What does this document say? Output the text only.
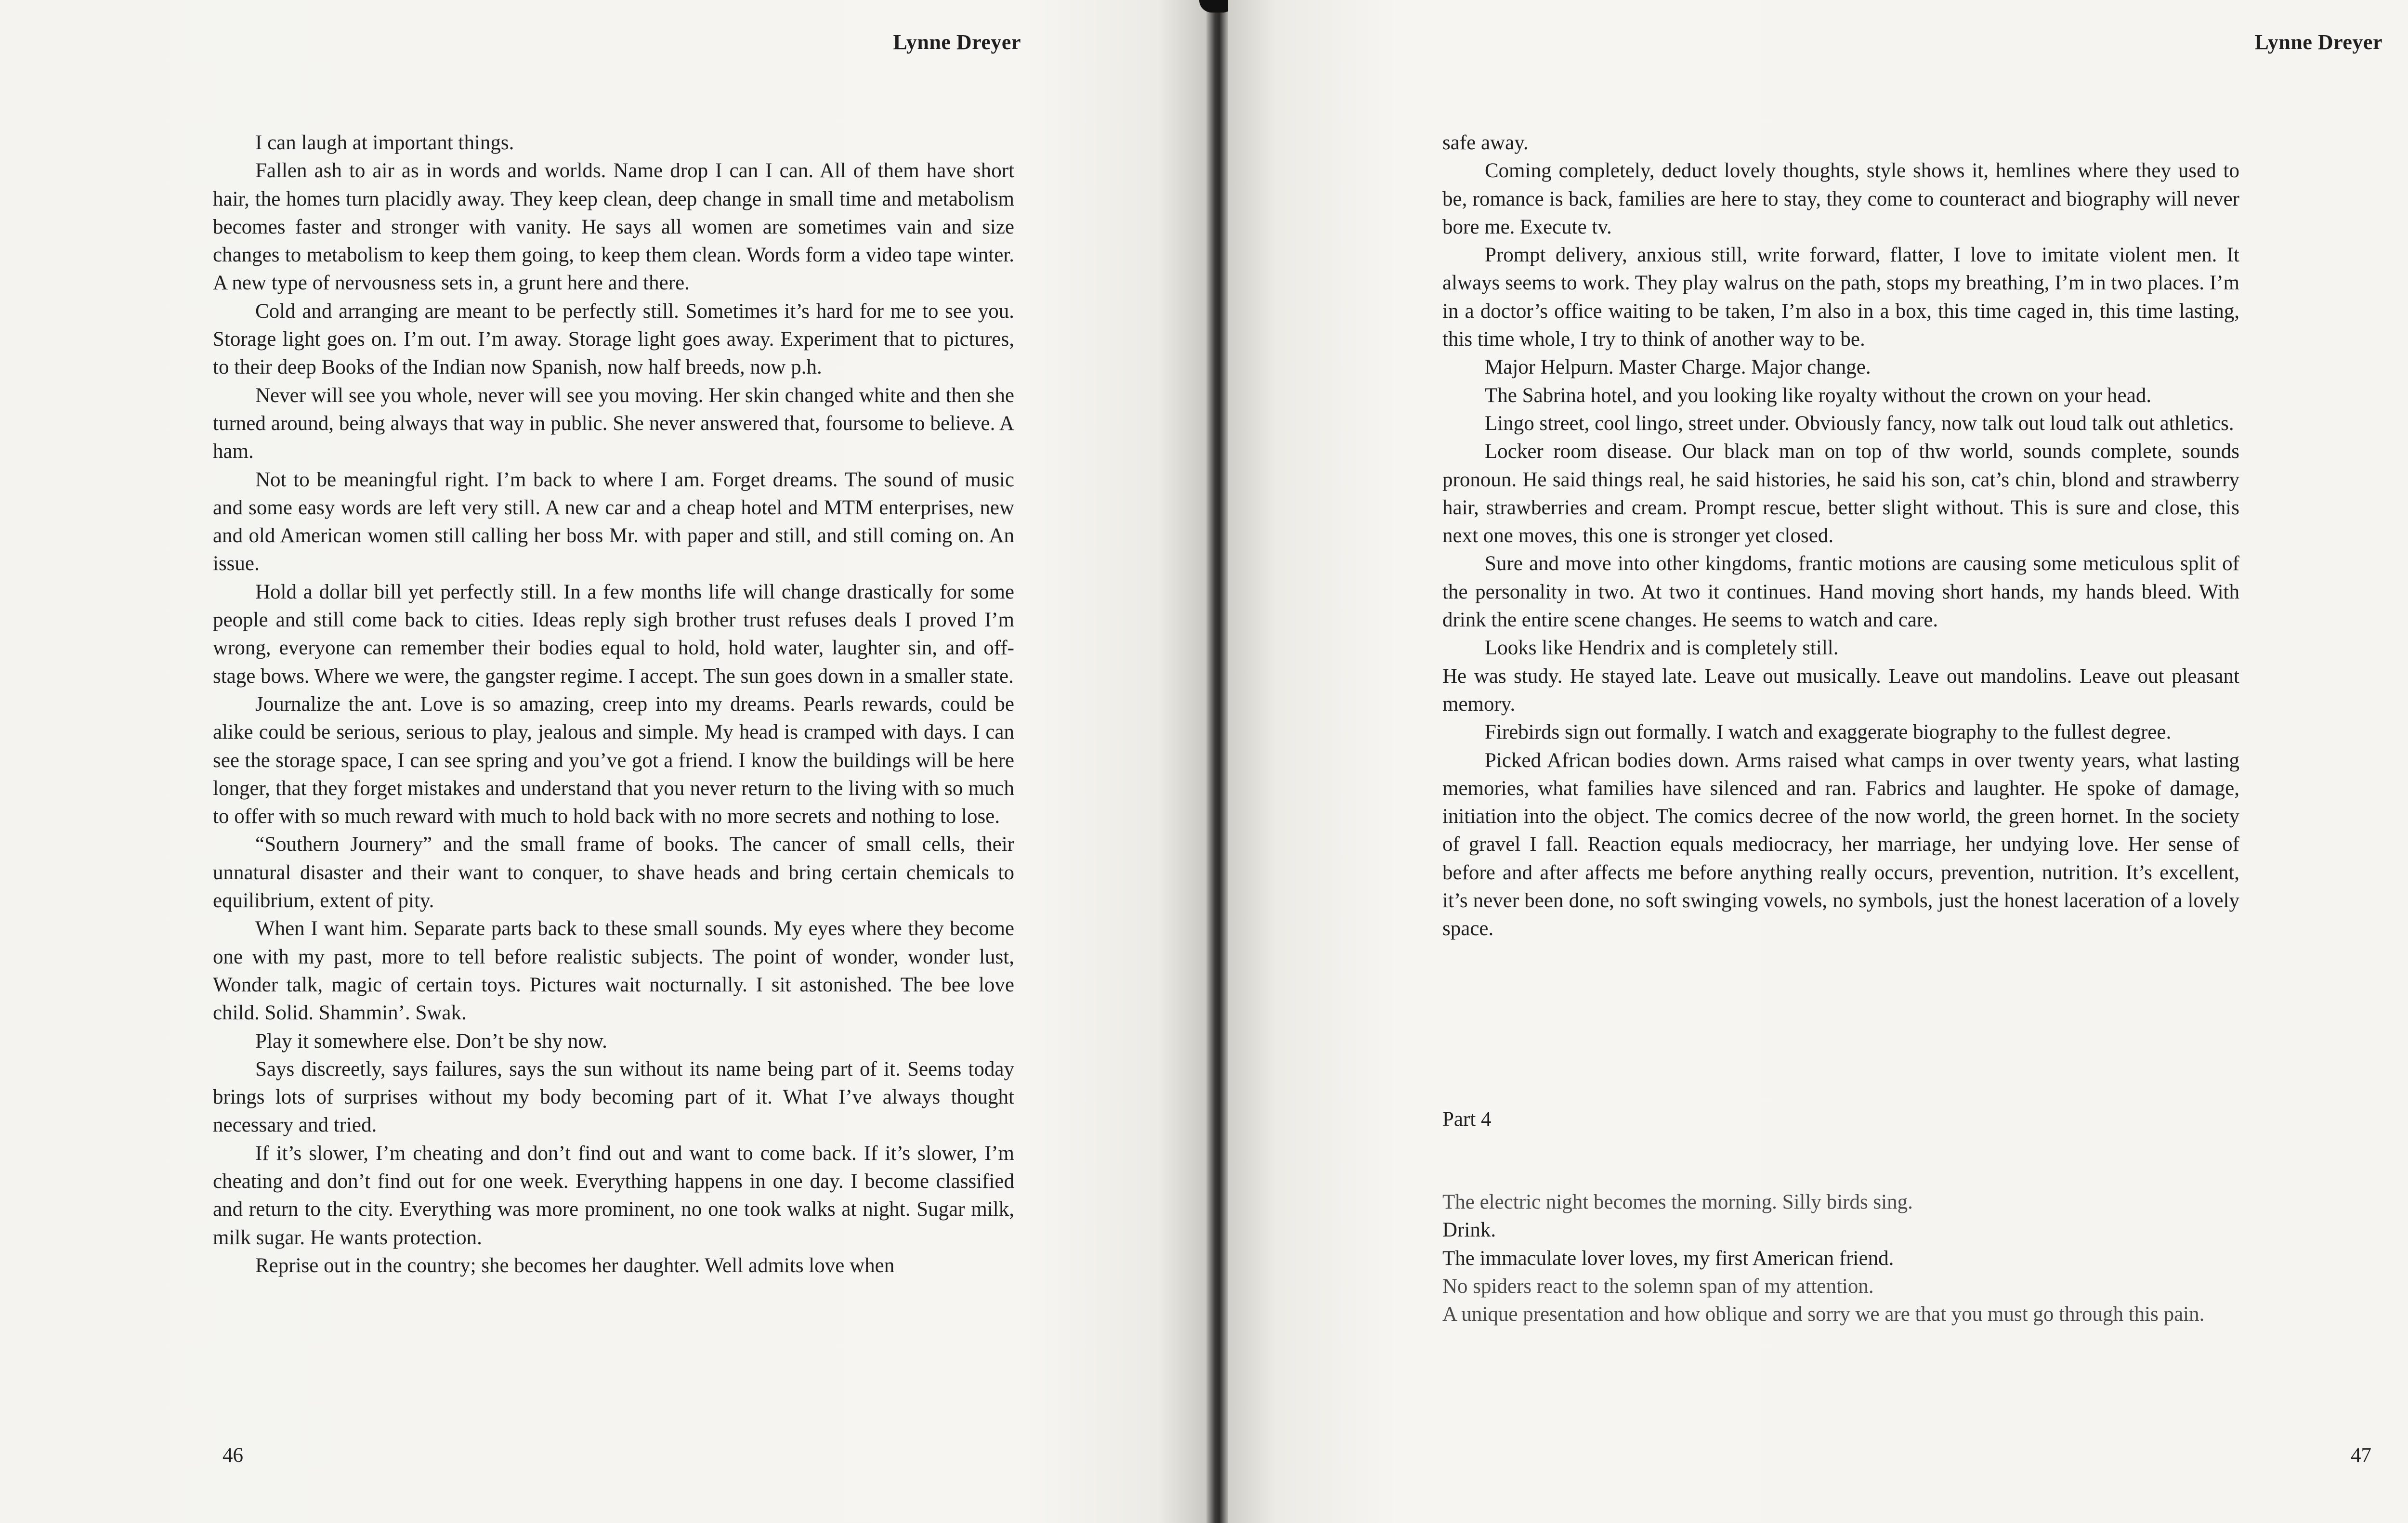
Lynne Dreyer

I can laugh at important things.

Fallen ash to air as in words and worlds. Name drop I can I can. All of them have short hair, the homes turn placidly away. They keep clean, deep change in small time and metabolism becomes faster and stronger with vanity. He says all women are sometimes vain and size changes to metabolism to keep them going, to keep them clean. Words form a video tape winter. A new type of nervousness sets in, a grunt here and there.

Cold and arranging are meant to be perfectly still. Sometimes it’s hard for me to see you. Storage light goes on. I’m out. I’m away. Storage light goes away. Experiment that to pictures, to their deep Books of the Indian now Spanish, now half breeds, now p.h.

Never will see you whole, never will see you moving. Her skin changed white and then she turned around, being always that way in public. She never answered that, foursome to believe. A ham.

Not to be meaningful right. I’m back to where I am. Forget dreams. The sound of music and some easy words are left very still. A new car and a cheap hotel and MTM enterprises, new and old American women still calling her boss Mr. with paper and still, and still coming on. An issue.

Hold a dollar bill yet perfectly still. In a few months life will change drastically for some people and still come back to cities. Ideas reply sigh brother trust refuses deals I proved I’m wrong, everyone can remember their bodies equal to hold, hold water, laughter sin, and off-stage bows. Where we were, the gangster regime. I accept. The sun goes down in a smaller state.

Journalize the ant. Love is so amazing, creep into my dreams. Pearls rewards, could be alike could be serious, serious to play, jealous and simple. My head is cramped with days. I can see the storage space, I can see spring and you’ve got a friend. I know the buildings will be here longer, that they forget mistakes and understand that you never return to the living with so much to offer with so much reward with much to hold back with no more secrets and nothing to lose.

“Southern Journery” and the small frame of books. The cancer of small cells, their unnatural disaster and their want to conquer, to shave heads and bring certain chemicals to equilibrium, extent of pity.

When I want him. Separate parts back to these small sounds. My eyes where they become one with my past, more to tell before realistic subjects. The point of wonder, wonder lust, Wonder talk, magic of certain toys. Pictures wait nocturnally. I sit astonished. The bee love child. Solid. Shammin’. Swak.

Play it somewhere else. Don’t be shy now.

Says discreetly, says failures, says the sun without its name being part of it. Seems today brings lots of surprises without my body becoming part of it. What I’ve always thought necessary and tried.

If it’s slower, I’m cheating and don’t find out and want to come back. If it’s slower, I’m cheating and don’t find out for one week. Everything happens in one day. I become classified and return to the city. Everything was more prominent, no one took walks at night. Sugar milk, milk sugar. He wants protection.

Reprise out in the country; she becomes her daughter. Well admits love when

46
Lynne Dreyer

safe away.

Coming completely, deduct lovely thoughts, style shows it, hemlines where they used to be, romance is back, families are here to stay, they come to counteract and biography will never bore me. Execute tv.

Prompt delivery, anxious still, write forward, flatter, I love to imitate violent men. It always seems to work. They play walrus on the path, stops my breathing, I’m in two places. I’m in a doctor’s office waiting to be taken, I’m also in a box, this time caged in, this time lasting, this time whole, I try to think of another way to be.

Major Helpurn. Master Charge. Major change.

The Sabrina hotel, and you looking like royalty without the crown on your head.

Lingo street, cool lingo, street under. Obviously fancy, now talk out loud talk out athletics.

Locker room disease. Our black man on top of thw world, sounds complete, sounds pronoun. He said things real, he said histories, he said his son, cat’s chin, blond and strawberry hair, strawberries and cream. Prompt rescue, better slight without. This is sure and close, this next one moves, this one is stronger yet closed.

Sure and move into other kingdoms, frantic motions are causing some meticulous split of the personality in two. At two it continues. Hand moving short hands, my hands bleed. With drink the entire scene changes. He seems to watch and care.

Looks like Hendrix and is completely still.

He was study. He stayed late. Leave out musically. Leave out mandolins. Leave out pleasant memory.

Firebirds sign out formally. I watch and exaggerate biography to the fullest degree.

Picked African bodies down. Arms raised what camps in over twenty years, what lasting memories, what families have silenced and ran. Fabrics and laughter. He spoke of damage, initiation into the object. The comics decree of the now world, the green hornet. In the society of gravel I fall. Reaction equals mediocracy, her marriage, her undying love. Her sense of before and after affects me before anything really occurs, prevention, nutrition. It’s excellent, it’s never been done, no soft swinging vowels, no symbols, just the honest laceration of a lovely space.

Part 4
The electric night becomes the morning. Silly birds sing.
Drink.
The immaculate lover loves, my first American friend.
No spiders react to the solemn span of my attention.
A unique presentation and how oblique and sorry we are that you must go through this pain.
47
